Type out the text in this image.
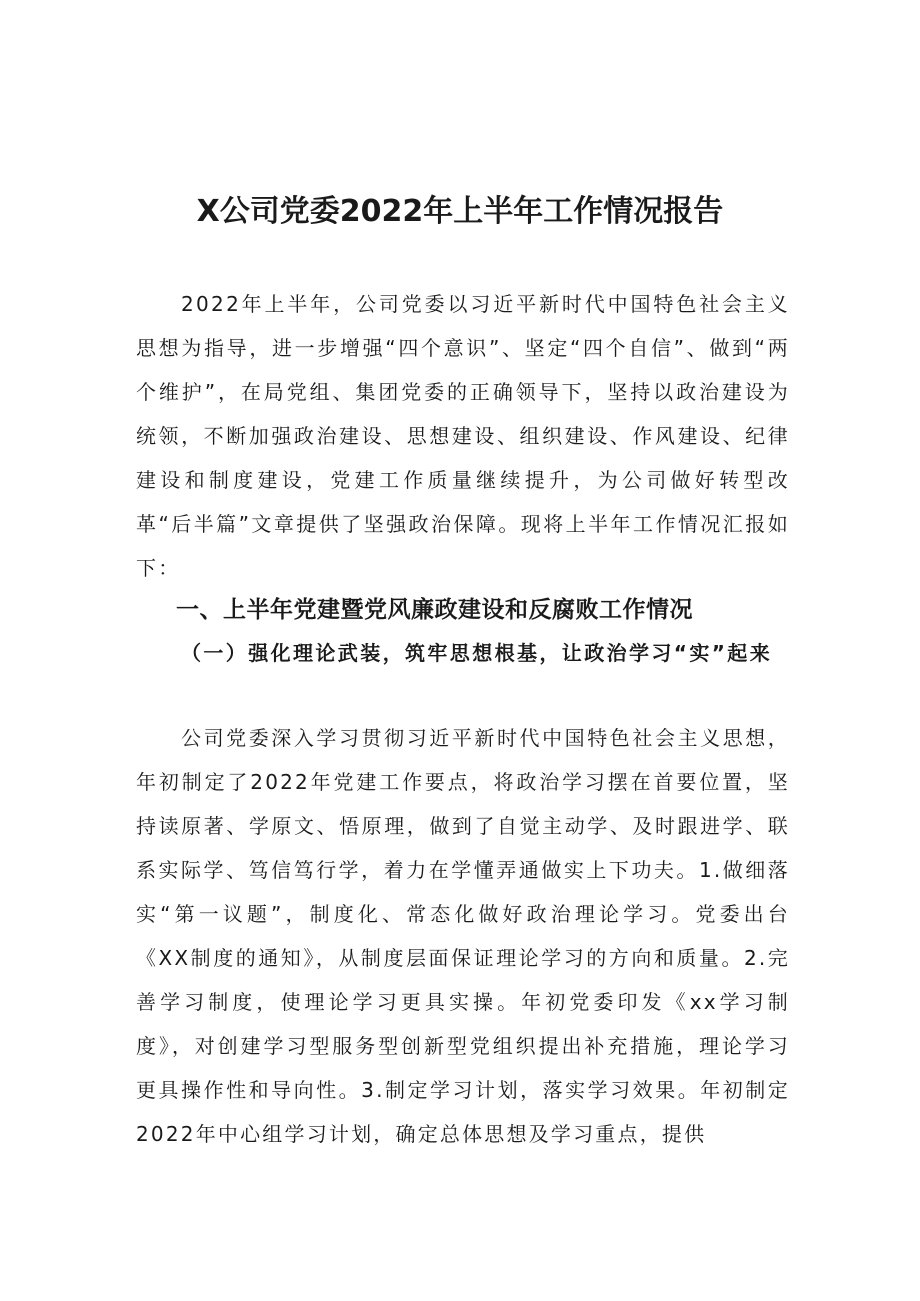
X公司党委2022年上半年工作情况报告

2022年上半年，公司党委以习近平新时代中国特色社会主义思想为指导，进一步增强“四个意识”、坚定“四个自信”、做到“两个维护”，在局党组、集团党委的正确领导下，坚持以政治建设为统领，不断加强政治建设、思想建设、组织建设、作风建设、纪律建设和制度建设，党建工作质量继续提升，为公司做好转型改革“后半篇”文章提供了坚强政治保障。现将上半年工作情况汇报如下：

一、上半年党建暨党风廉政建设和反腐败工作情况
（一）强化理论武装，筑牢思想根基，让政治学习“实”起来

公司党委深入学习贯彻习近平新时代中国特色社会主义思想，年初制定了2022年党建工作要点，将政治学习摆在首要位置，坚持读原著、学原文、悟原理，做到了自觉主动学、及时跟进学、联系实际学、笃信笃行学，着力在学懂弄通做实上下功夫。1.做细落实“第一议题”，制度化、常态化做好政治理论学习。党委出台《XX制度的通知》，从制度层面保证理论学习的方向和质量。2.完善学习制度，使理论学习更具实操。年初党委印发《xx学习制度》，对创建学习型服务型创新型党组织提出补充措施，理论学习更具操作性和导向性。3.制定学习计划，落实学习效果。年初制定2022年中心组学习计划，确定总体思想及学习重点，提供
